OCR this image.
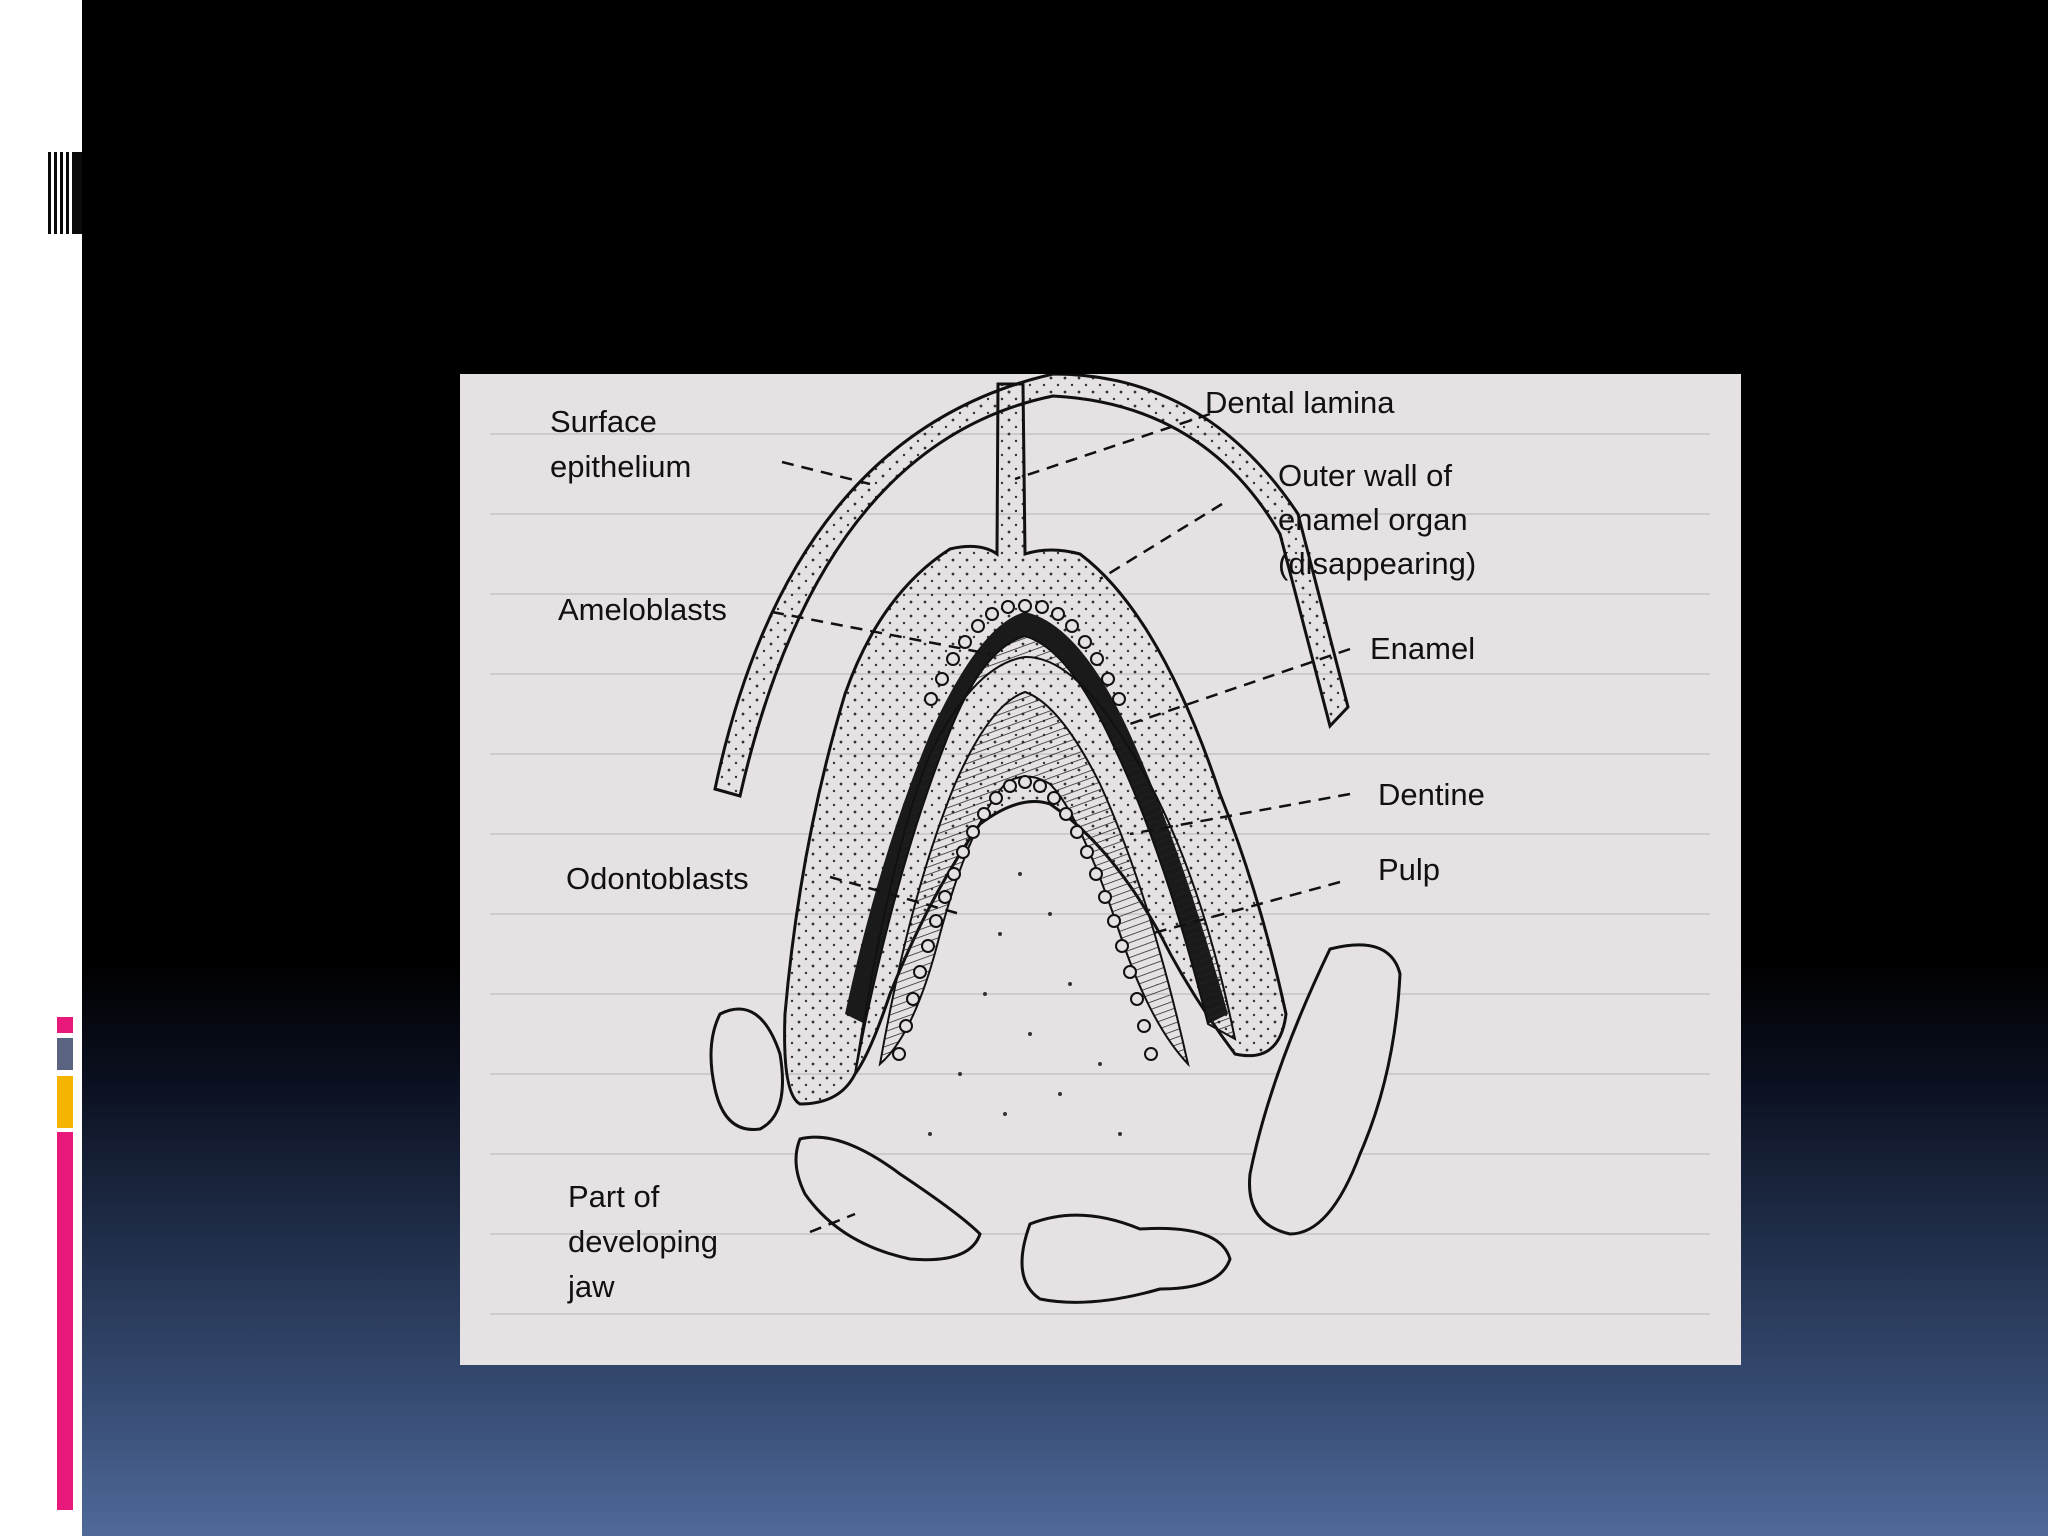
Surface
epithelium
Dental lamina
Outer wall of
enamel organ
(disappearing)
Ameloblasts
Enamel
Dentine
Pulp
Odontoblasts
Part of
developing
jaw
